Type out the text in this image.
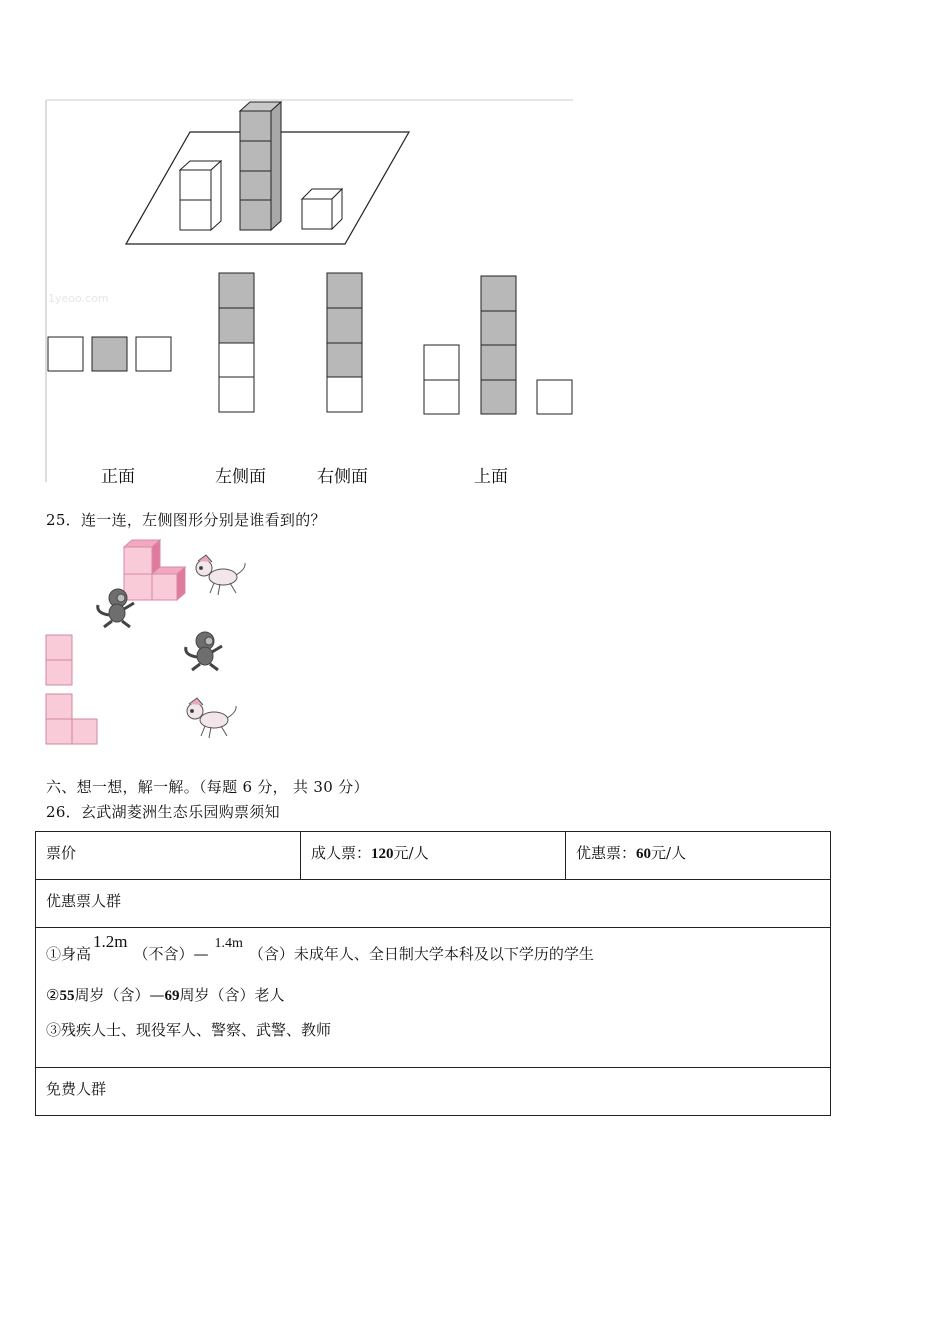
1yeoo.com
正面	左侧面	右侧面	上面
25．连一连，左侧图形分别是谁看到的？
六、想一想，解一解。（每题 6 分， 共 30 分）
26．玄武湖菱洲生态乐园购票须知
票价	成人票：120元/人	优惠票：60元/人
优惠票人群

①身高1.2m（不含）—1.4m（含）未成年人、全日制大学本科及以下学历的学生
②55周岁（含）—69周岁（含）老人
③残疾人士、现役军人、警察、武警、教师

免费人群
